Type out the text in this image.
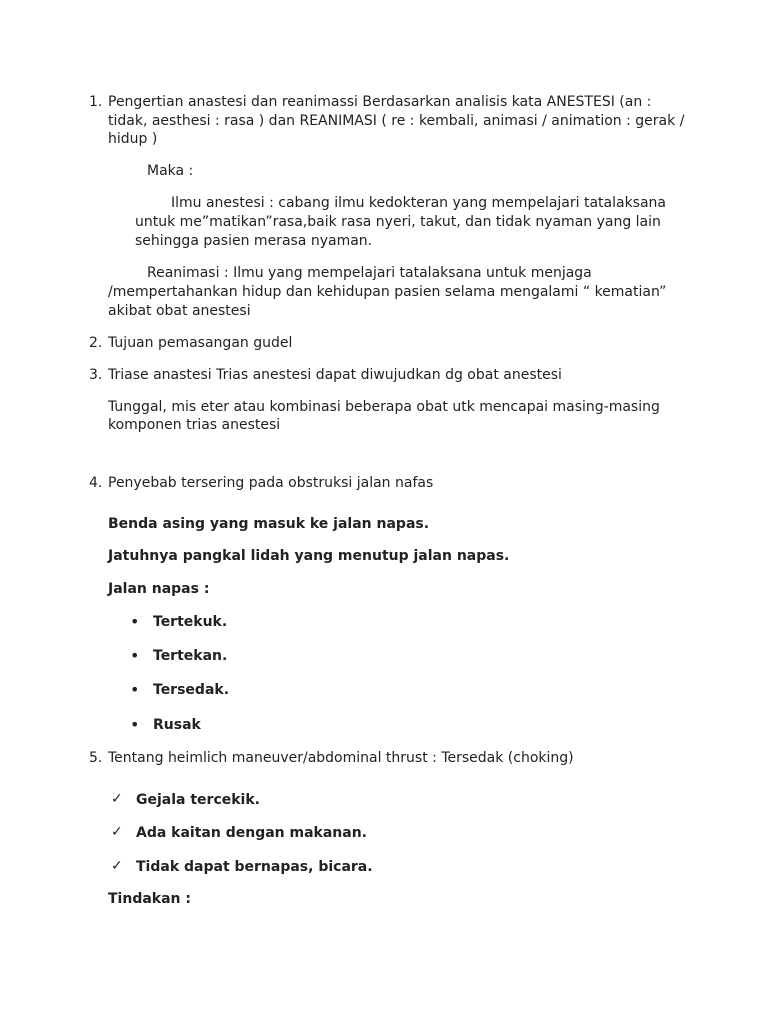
1. Pengertian anastesi dan reanimassi Berdasarkan analisis kata ANESTESI (an :
tidak, aesthesi : rasa ) dan REANIMASI ( re : kembali, animasi / animation : gerak /
hidup )
Maka :
Ilmu anestesi : cabang ilmu kedokteran yang mempelajari tatalaksana
untuk me”matikan”rasa,baik rasa nyeri, takut, dan tidak nyaman yang lain
sehingga pasien merasa nyaman.
Reanimasi : Ilmu yang mempelajari tatalaksana untuk menjaga
/mempertahankan hidup dan kehidupan pasien selama mengalami “ kematian”
akibat obat anestesi
2. Tujuan pemasangan gudel
3. Triase anastesi Trias anestesi dapat diwujudkan dg obat anestesi
Tunggal, mis eter atau kombinasi beberapa obat utk mencapai masing-masing
komponen trias anestesi
4. Penyebab tersering pada obstruksi jalan nafas
Benda asing yang masuk ke jalan napas.
Jatuhnya pangkal lidah yang menutup jalan napas.
Jalan napas :
• Tertekuk.
• Tertekan.
• Tersedak.
• Rusak
5. Tentang heimlich maneuver/abdominal thrust : Tersedak (choking)
✓ Gejala tercekik.
✓ Ada kaitan dengan makanan.
✓ Tidak dapat bernapas, bicara.
Tindakan :
